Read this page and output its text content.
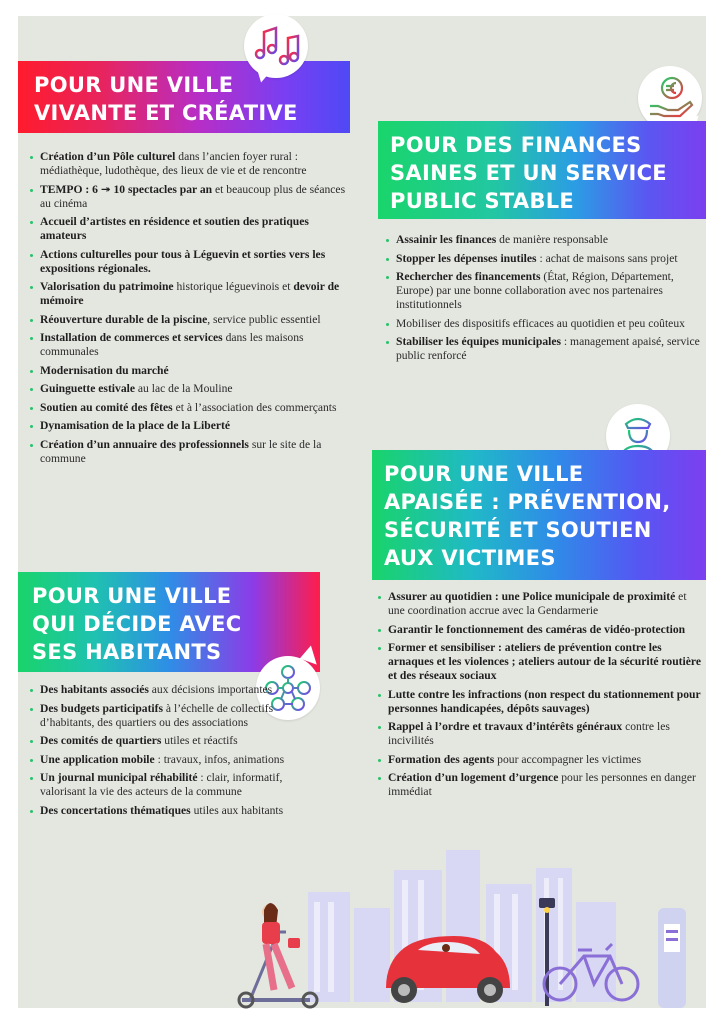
POUR UNE VILLE
VIVANTE ET CRÉATIVE
Création d’un Pôle culturel dans l’ancien foyer rural : médiathèque, ludothèque, des lieux de vie et de rencontre
TEMPO : 6 ↠ 10 spectacles par an et beaucoup plus de séances au cinéma
Accueil d’artistes en résidence et soutien des pratiques amateurs
Actions culturelles pour tous à Léguevin et sorties vers les expositions régionales.
Valorisation du patrimoine historique léguevinois et devoir de mémoire
Réouverture durable de la piscine, service public essentiel
Installation de commerces et services dans les maisons communales
Modernisation du marché
Guinguette estivale au lac de la Mouline
Soutien au comité des fêtes et à l’association des commerçants
Dynamisation de la place de la Liberté
Création d’un annuaire des professionnels sur le site de la commune
POUR DES FINANCES
SAINES ET UN SERVICE
PUBLIC STABLE
Assainir les finances de manière responsable
Stopper les dépenses inutiles : achat de maisons sans projet
Rechercher des financements (État, Région, Département, Europe) par une bonne collaboration avec nos partenaires institutionnels
Mobiliser des dispositifs efficaces au quotidien et peu coûteux
Stabiliser les équipes municipales : management apaisé, service public renforcé
POUR UNE VILLE
APAISÉE : PRÉVENTION,
SÉCURITÉ ET SOUTIEN
AUX VICTIMES
Assurer au quotidien : une Police municipale de proximité et une coordination accrue avec la Gendarmerie
Garantir le fonctionnement des caméras de vidéo-protection
Former et sensibiliser : ateliers de prévention contre les arnaques et les violences ; ateliers autour de la sécurité routière et des réseaux sociaux
Lutte contre les infractions (non respect du stationnement pour personnes handicapées, dépôts sauvages)
Rappel à l’ordre et travaux d’intérêts généraux contre les incivilités
Formation des agents pour accompagner les victimes
Création d’un logement d’urgence pour les personnes en danger immédiat
POUR UNE VILLE
QUI DÉCIDE AVEC
SES HABITANTS
Des habitants associés aux décisions importantes
Des budgets participatifs à l’échelle de collectifs d’habitants, des quartiers ou des associations
Des comités de quartiers utiles et réactifs
Une application mobile : travaux, infos, animations
Un journal municipal réhabilité : clair, informatif, valorisant la vie des acteurs de la commune
Des concertations thématiques utiles aux habitants
